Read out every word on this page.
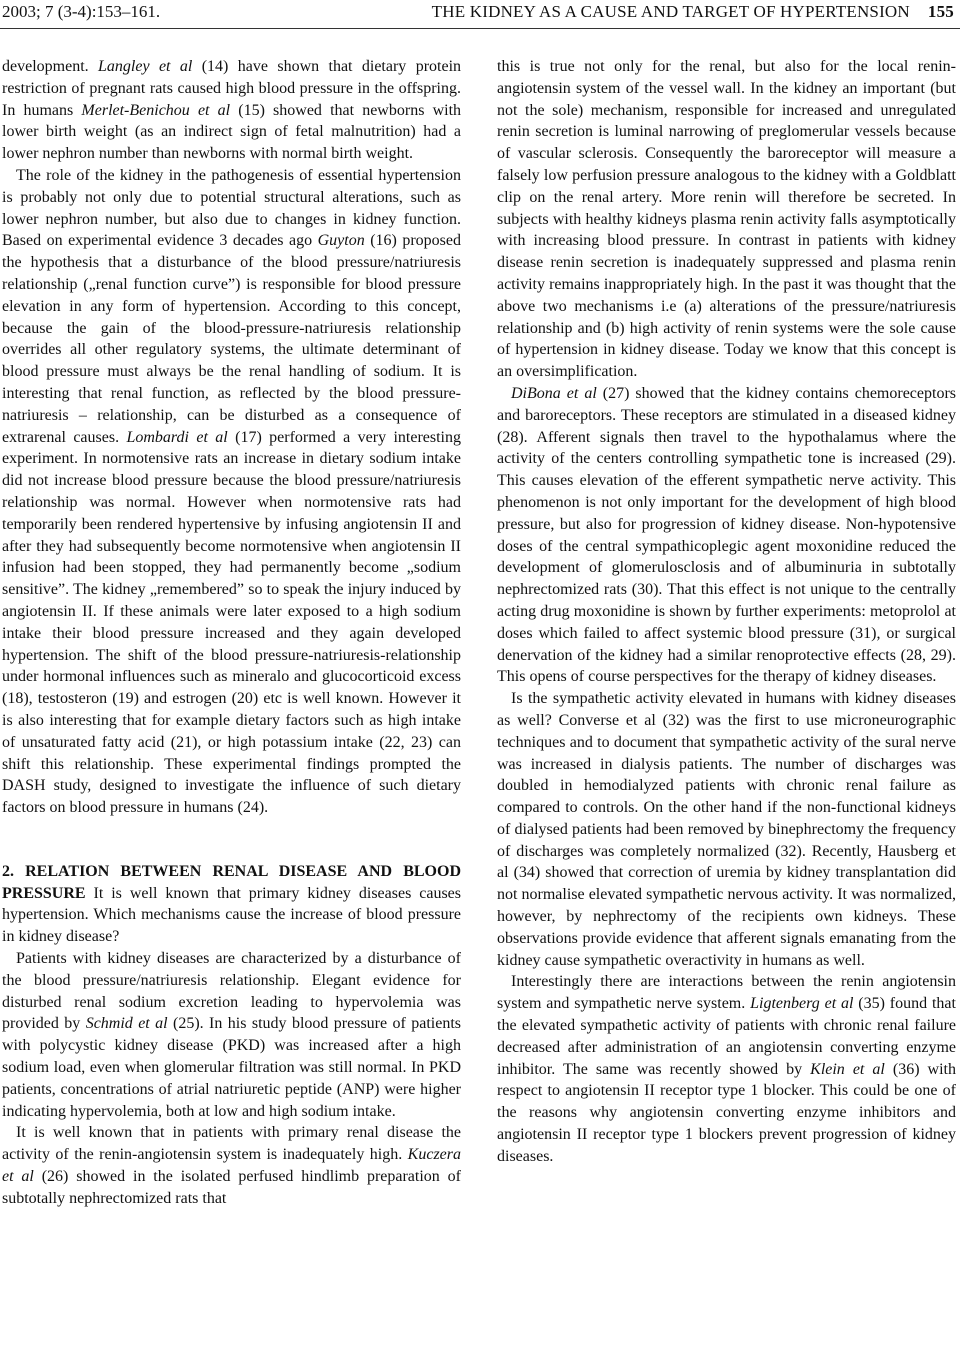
2003; 7 (3-4):153–161.	THE KIDNEY AS A CAUSE AND TARGET OF HYPERTENSION 155

development. Langley et al (14) have shown that dietary protein restriction of pregnant rats caused high blood pressure in the offspring. In humans Merlet-Benichou et al (15) showed that newborns with lower birth weight (as an indirect sign of fetal malnutrition) had a lower nephron number than newborns with normal birth weight.

The role of the kidney in the pathogenesis of essential hypertension is probably not only due to potential structural alterations, such as lower nephron number, but also due to changes in kidney function. Based on experimental evidence 3 decades ago Guyton (16) proposed the hypothesis that a disturbance of the blood pressure/natriuresis relationship („renal function curve”) is responsible for blood pressure elevation in any form of hypertension. According to this concept, because the gain of the blood-pressure-natriuresis relationship overrides all other regulatory systems, the ultimate determinant of blood pressure must always be the renal handling of sodium. It is interesting that renal function, as reflected by the blood pressure-natriuresis – relationship, can be disturbed as a consequence of extrarenal causes. Lombardi et al (17) performed a very interesting experiment. In normotensive rats an increase in dietary sodium intake did not increase blood pressure because the blood pressure/natriuresis relationship was normal. However when normotensive rats had temporarily been rendered hypertensive by infusing angiotensin II and after they had subsequently become normotensive when angiotensin II infusion had been stopped, they had permanently become „sodium sensitive”. The kidney „remembered” so to speak the injury induced by angiotensin II. If these animals were later exposed to a high sodium intake their blood pressure increased and they again developed hypertension. The shift of the blood pressure-natriuresis-relationship under hormonal influences such as mineralo and glucocorticoid excess (18), testosteron (19) and estrogen (20) etc is well known. However it is also interesting that for example dietary factors such as high intake of unsaturated fatty acid (21), or high potassium intake (22, 23) can shift this relationship. These experimental findings prompted the DASH study, designed to investigate the influence of such dietary factors on blood pressure in humans (24).

2. RELATION BETWEEN RENAL DISEASE AND BLOOD PRESSURE It is well known that primary kidney diseases causes hypertension. Which mechanisms cause the increase of blood pressure in kidney disease?

Patients with kidney diseases are characterized by a disturbance of the blood pressure/natriuresis relationship. Elegant evidence for disturbed renal sodium excretion leading to hypervolemia was provided by Schmid et al (25). In his study blood pressure of patients with polycystic kidney disease (PKD) was increased after a high sodium load, even when glomerular filtration was still normal. In PKD patients, concentrations of atrial natriuretic peptide (ANP) were higher indicating hypervolemia, both at low and high sodium intake.

It is well known that in patients with primary renal disease the activity of the renin-angiotensin system is inadequately high. Kuczera et al (26) showed in the isolated perfused hindlimb preparation of subtotally nephrectomized rats that

this is true not only for the renal, but also for the local renin-angiotensin system of the vessel wall. In the kidney an important (but not the sole) mechanism, responsible for increased and unregulated renin secretion is luminal narrowing of preglomerular vessels because of vascular sclerosis. Consequently the baroreceptor will measure a falsely low perfusion pressure analogous to the kidney with a Goldblatt clip on the renal artery. More renin will therefore be secreted. In subjects with healthy kidneys plasma renin activity falls asymptotically with increasing blood pressure. In contrast in patients with kidney disease renin secretion is inadequately suppressed and plasma renin activity remains inappropriately high. In the past it was thought that the above two mechanisms i.e (a) alterations of the pressure/natriuresis relationship and (b) high activity of renin systems were the sole cause of hypertension in kidney disease. Today we know that this concept is an oversimplification.

DiBona et al (27) showed that the kidney contains chemoreceptors and baroreceptors. These receptors are stimulated in a diseased kidney (28). Afferent signals then travel to the hypothalamus where the activity of the centers controlling sympathetic tone is increased (29). This causes elevation of the efferent sympathetic nerve activity. This phenomenon is not only important for the development of high blood pressure, but also for progression of kidney disease. Non-hypotensive doses of the central sympathicoplegic agent moxonidine reduced the development of glomerulosclosis and of albuminuria in subtotally nephrectomized rats (30). That this effect is not unique to the centrally acting drug moxonidine is shown by further experiments: metoprolol at doses which failed to affect systemic blood pressure (31), or surgical denervation of the kidney had a similar renoprotective effects (28, 29). This opens of course perspectives for the therapy of kidney diseases.

Is the sympathetic activity elevated in humans with kidney diseases as well? Converse et al (32) was the first to use microneurographic techniques and to document that sympathetic activity of the sural nerve was increased in dialysis patients. The number of discharges was doubled in hemodialyzed patients with chronic renal failure as compared to controls. On the other hand if the non-functional kidneys of dialysed patients had been removed by binephrectomy the frequency of discharges was completely normalized (32). Recently, Hausberg et al (34) showed that correction of uremia by kidney transplantation did not normalise elevated sympathetic nervous activity. It was normalized, however, by nephrectomy of the recipients own kidneys. These observations provide evidence that afferent signals emanating from the kidney cause sympathetic overactivity in humans as well.

Interestingly there are interactions between the renin angiotensin system and sympathetic nerve system. Ligtenberg et al (35) found that the elevated sympathetic activity of patients with chronic renal failure decreased after administration of an angiotensin converting enzyme inhibitor. The same was recently showed by Klein et al (36) with respect to angiotensin II receptor type 1 blocker. This could be one of the reasons why angiotensin converting enzyme inhibitors and angiotensin II receptor type 1 blockers prevent progression of kidney diseases.
